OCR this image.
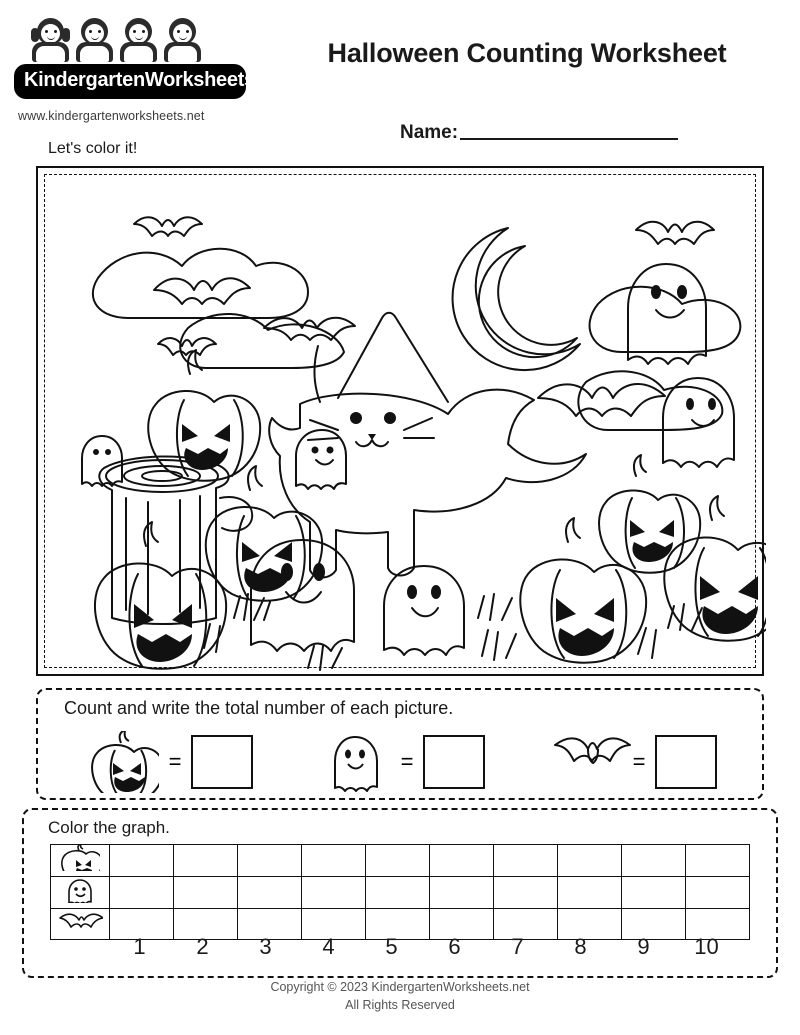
KindergartenWorksheets.net
www.kindergartenworksheets.net
Halloween Counting Worksheet
Name:
Let's color it!
Count and write the total number of each picture.
=	=	=
Color the graph.

1	2	3	4	5	6	7	8	9	10
Copyright © 2023 KindergartenWorksheets.net
All Rights Reserved
